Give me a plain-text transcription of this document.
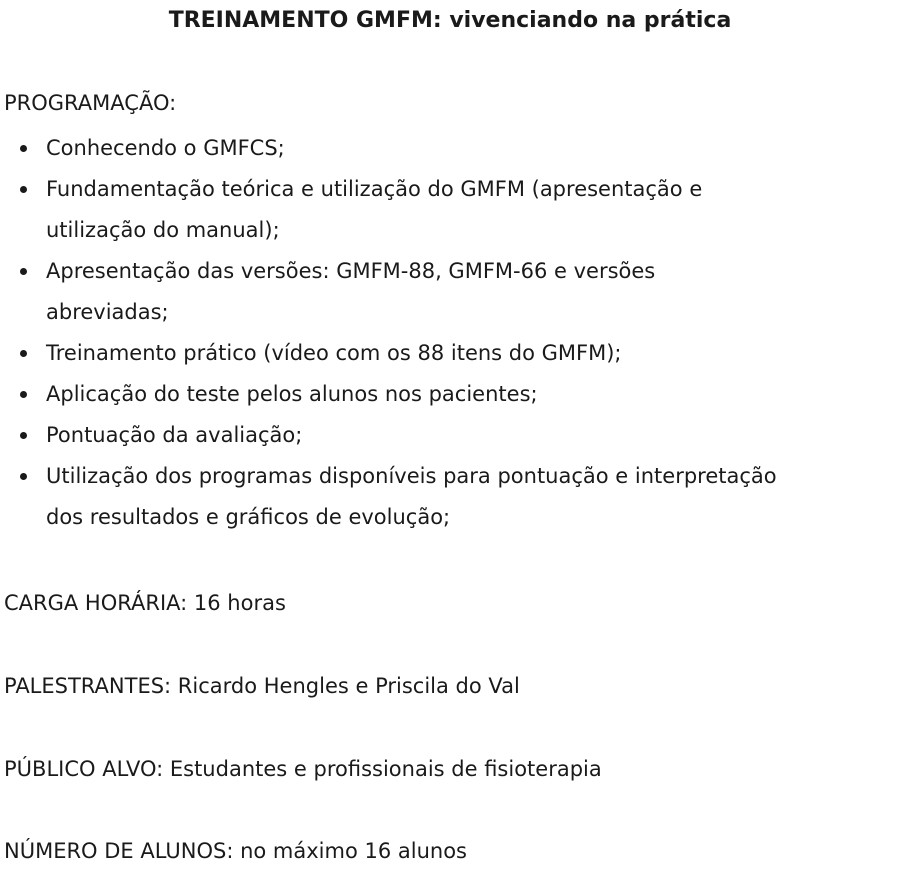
TREINAMENTO GMFM: vivenciando na prática

PROGRAMAÇÃO:

Conhecendo o GMFCS;
Fundamentação teórica e utilização do GMFM (apresentação e
utilização do manual);
Apresentação das versões: GMFM-88, GMFM-66 e versões
abreviadas;
Treinamento prático (vídeo com os 88 itens do GMFM);
Aplicação do teste pelos alunos nos pacientes;
Pontuação da avaliação;
Utilização dos programas disponíveis para pontuação e interpretação
dos resultados e gráficos de evolução;

CARGA HORÁRIA: 16 horas

PALESTRANTES: Ricardo Hengles e Priscila do Val

PÚBLICO ALVO: Estudantes e profissionais de fisioterapia

NÚMERO DE ALUNOS: no máximo 16 alunos
